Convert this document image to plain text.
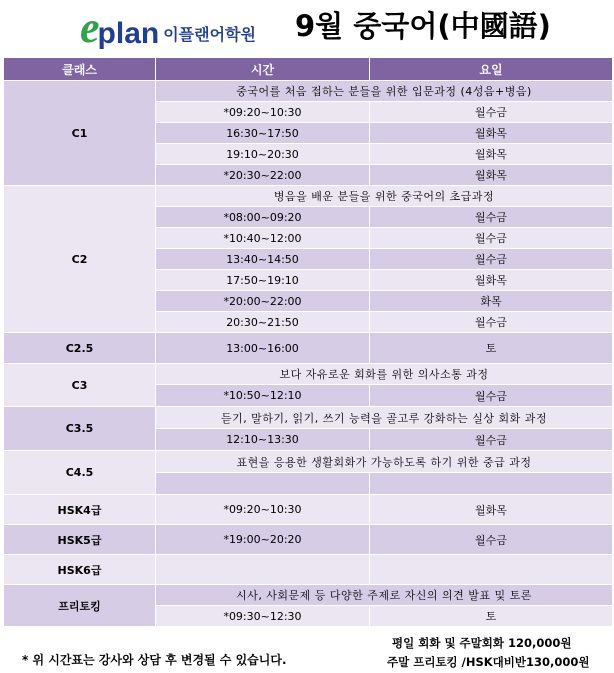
e
plan 이플랜어학원 9월 중국어(中國語)
클래스	시간	요일
C1	중국어를 처음 접하는 분들을 위한 입문과정 (4성음+병음)	
	*09:20~10:30	월수금
	16:30~17:50	월화목
	19:10~20:30	월화목
	*20:30~22:00	월화목
C2	병음을 배운 분들을 위한 중국어의 초급과정	
	*08:00~09:20	월수금
	*10:40~12:00	월수금
	13:40~14:50	월수금
	17:50~19:10	월화목
	*20:00~22:00	화목
	20:30~21:50	월수금
C2.5	13:00~16:00	토
C3	보다 자유로운 회화를 위한 의사소통 과정	
	*10:50~12:10	월수금
C3.5	듣기, 말하기, 읽기, 쓰기 능력을 골고루 강화하는 실상 회화 과정	
	12:10~13:30	월수금
C4.5	표현을 응용한 생활회화가 가능하도록 하기 위한 중급 과정	

HSK4급	*09:20~10:30	월화목
HSK5급	*19:00~20:20	월수금
HSK6급		
프리토킹	시사, 사회문제 등 다양한 주제로 자신의 의견 발표 및 토론	
	*09:30~12:30	토
* 위 시간표는 강사와 상담 후 변경될 수 있습니다.
평일 회화 및 주말회화 120,000원
주말 프리토킹 /HSK대비반130,000원
